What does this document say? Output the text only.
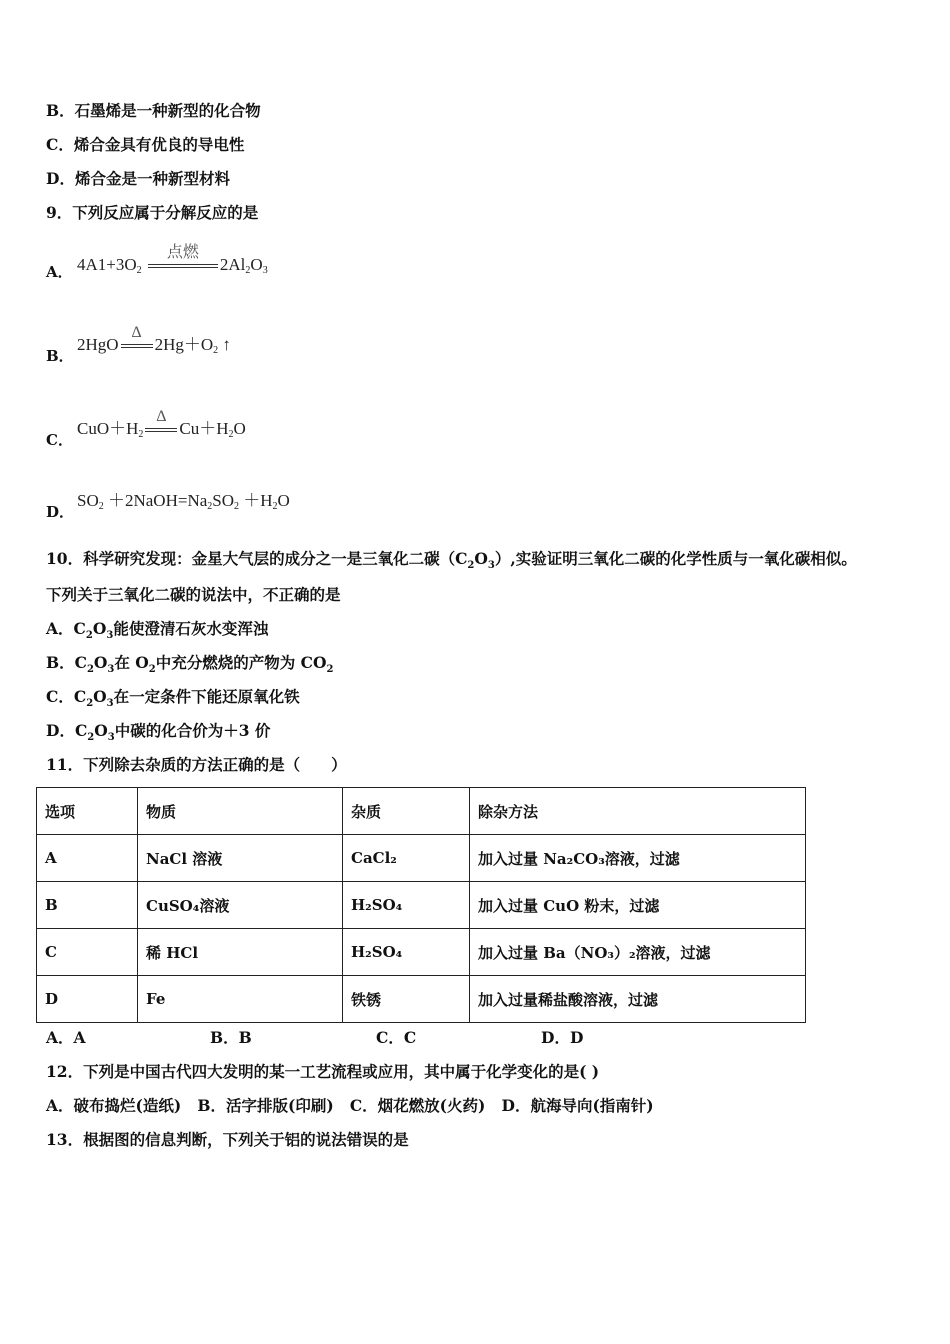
B．石墨烯是一种新型的化合物
C．烯合金具有优良的导电性
D．烯合金是一种新型材料
9．下列反应属于分解反应的是
A． $4A1+3O_2$
点燃
$2Al_2O_3$
B．
2HgO
Δ
$2Hg+O_2$ ↑
C．
$CuO+H_2$
Δ
$Cu+H_2O$
D．
$SO_2$ $+2NaOH=Na_2SO_2 +H_2O$
10．科学研究发现：金星大气层的成分之一是三氧化二碳$(C_2O_3)$,实验证明三氧化二碳的化学性质与一氧化碳相似。
下列关于三氧化二碳的说法中，不正确的是
A．$C_2O_3$能使澄清石灰水变浑浊
B．$C_2O_3$在 $O_2$中充分燃烧的产物为 $CO_2$
C．$C_2O_3$在一定条件下能还原氧化铁
D．$C_2O_3$中碳的化合价为＋3 价
11．下列除去杂质的方法正确的是（　　）
选项	物质	杂质	除杂方法
A	NaCl 溶液	CaCl₂	加入过量 Na₂CO₃溶液，过滤
B	CuSO₄溶液	H₂SO₄	加入过量 CuO 粉末，过滤
C	稀 HCl	H₂SO₄	加入过量 Ba（NO₃）₂溶液，过滤
D	Fe	铁锈	加入过量稀盐酸溶液，过滤
A．A	B．B	C．C	D．D
12．下列是中国古代四大发明的某一工艺流程或应用，其中属于化学变化的是( )
A．破布捣烂(造纸)   B．活字排版(印刷)   C．烟花燃放(火药)   D．航海导向(指南针)
13．根据图的信息判断，下列关于铝的说法错误的是
